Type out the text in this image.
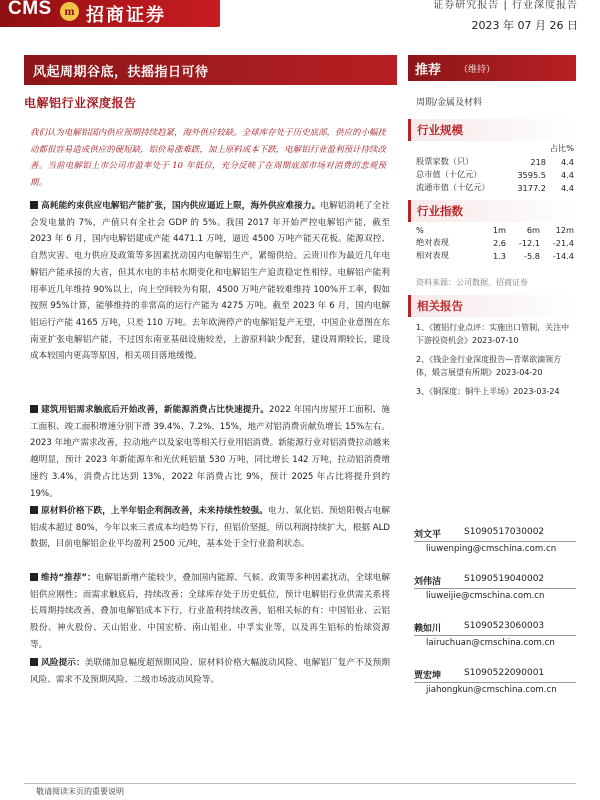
CMS	m 招商证券	证券研究报告 | 行业深度报告
2023 年 07 月 26 日
风起周期谷底，扶摇指日可待	推荐 （维持）
电解铝行业深度报告	周期/金属及材料
我们认为电解铝国内供应预期持续趋紧，海外供应较缺。全球库存处于历史底部，供应的小幅扰动都很容易造成供应的硬短缺，铝价易涨难跌，加上原料成本下跌，电解铝行业盈利预计持续改善。当前电解铝上市公司市盈率处于 10 年低位，充分反映了在周期底部市场对消费的悲观预期。

高耗能约束供应电解铝产能扩张，国内供应逼近上限，海外供应难接力。电解铝消耗了全社会发电量的 7%，产值只有全社会 GDP 的 5%。我国 2017 年开始严控电解铝产能，截至 2023 年 6 月，国内电解铝建成产能 4471.1 万吨，逼近 4500 万吨产能天花板。能源双控、自然灾害、电力供应及政策等多因素扰动国内电解铝生产，紧缩供给。云贵川作为最近几年电解铝产能承接的大省，但其水电的丰枯水期变化和电解铝生产追责稳定性相悖。电解铝产能利用率近几年维持 90%以上，向上空间较为有限，4500 万吨产能较难维持 100%开工率，假如按照 95%计算，能够维持的非常高的运行产能为 4275 万吨。截至 2023 年 6 月，国内电解铝运行产能 4165 万吨，只差 110 万吨。去年欧洲停产的电解铝复产无望，中国企业意图在东南亚扩张电解铝产能，不过因东南亚基础设施较差，上游原料缺少配套，建设周期较长，建设成本较国内更高等原因，相关项目落地缓慢。

建筑用铝需求触底后开始改善，新能源消费占比快速提升。2022 年国内房屋开工面积、施工面积、竣工面积增速分别下滑 39.4%、7.2%、15%，地产对铝消费贡献负增长 15%左右。2023 年地产需求改善，拉动地产以及家电等相关行业用铝消费。新能源行业对铝消费拉动越来越明显，预计 2023 年新能源车和光伏耗铝量 530 万吨，同比增长 142 万吨，拉动铝消费增速约 3.4%，消费占比达到 13%，2022 年消费占比 9%，预计 2025 年占比将提升到约 19%。

原材料价格下跌，上半年铝企利润改善，未来持续性较强。电力、氧化铝、预焙阳极占电解铝成本超过 80%，今年以来三者成本均趋势下行，但铝价坚挺，所以利润持续扩大，根据 ALD 数据，目前电解铝企业平均盈利 2500 元/吨，基本处于全行业盈利状态。

维持“推荐”：电解铝新增产能较少，叠加国内能源、气候、政策等多种因素扰动，全球电解铝供应刚性；而需求触底后，持续改善；全球库存处于历史低位，预计电解铝行业供需关系将长周期持续改善，叠加电解铝成本下行，行业盈利持续改善，铝相关标的有：中国铝业、云铝股份、神火股份、天山铝业、中国宏桥、南山铝业、中孚实业等，以及再生铝标的怡球资源等。

风险提示：美联储加息幅度超预期风险、原材料价格大幅波动风险、电解铝厂复产不及预期风险、需求不及预期风险、二级市场波动风险等。

行业规模
		占比%
股票家数（只）	218	4.4
总市值（十亿元）	3595.5	4.4
流通市值（十亿元）	3177.2	4.4
行业指数
%	1m	6m	12m
绝对表现	2.6	-12.1	-21.4
相对表现	1.3	-5.8	-14.4
资料来源：公司数据、招商证券
相关报告
1、《镀铝行业点评：实施出口管制，关注中下游投资机会》2023-07-10
2、《钱企金行业深度报告—青翠欲滴领方体，煅言展望有所期》2023-04-20
3、《铜深度：铜牛上半场》2023-03-24
刘文平	S1090517030002
liuwenping@cmschina.com.cn
刘伟洁	S1090519040002
liuweijie@cmschina.com.cn
赖如川	S1090523060003
lairuchuan@cmschina.com.cn
贾宏坤	S1090522090001
jiahongkun@cmschina.com.cn
敬请阅读末页的重要说明
